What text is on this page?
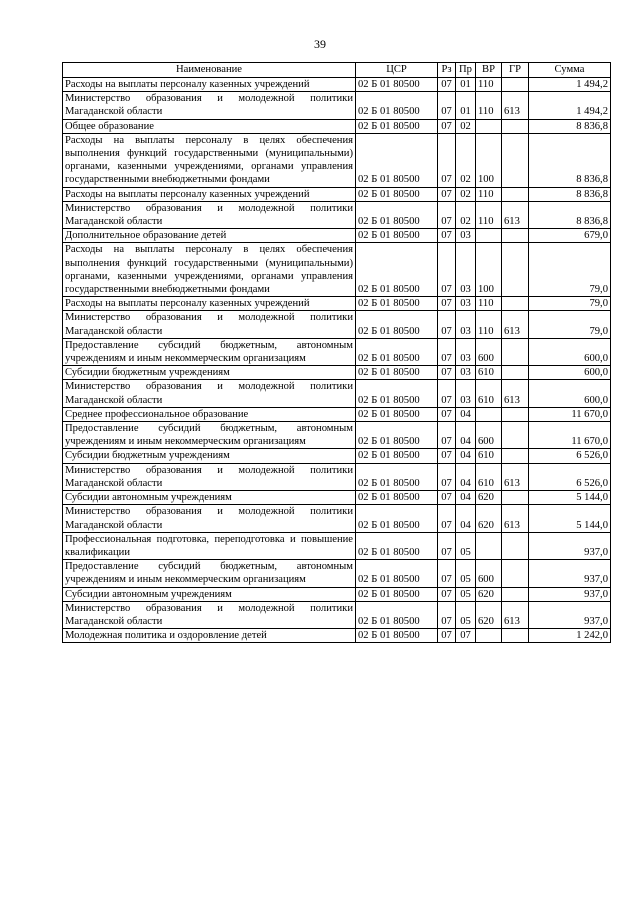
39
Наименование	ЦСР	Рз	Пр	ВР	ГР	Сумма
Расходы на выплаты персоналу казенных учреждений	02 Б 01 80500	07	01	110		1 494,2
Министерство образования и молодежной политики Магаданской области	02 Б 01 80500	07	01	110	613	1 494,2
Общее образование	02 Б 01 80500	07	02			8 836,8
Расходы на выплаты персоналу в целях обеспечения выполнения функций государственными (муниципальными) органами, казенными учреждениями, органами управления государственными внебюджетными фондами	02 Б 01 80500	07	02	100		8 836,8
Расходы на выплаты персоналу казенных учреждений	02 Б 01 80500	07	02	110		8 836,8
Министерство образования и молодежной политики Магаданской области	02 Б 01 80500	07	02	110	613	8 836,8
Дополнительное образование детей	02 Б 01 80500	07	03			679,0
Расходы на выплаты персоналу в целях обеспечения выполнения функций государственными (муниципальными) органами, казенными учреждениями, органами управления государственными внебюджетными фондами	02 Б 01 80500	07	03	100		79,0
Расходы на выплаты персоналу казенных учреждений	02 Б 01 80500	07	03	110		79,0
Министерство образования и молодежной политики Магаданской области	02 Б 01 80500	07	03	110	613	79,0
Предоставление субсидий бюджетным, автономным учреждениям и иным некоммерческим организациям	02 Б 01 80500	07	03	600		600,0
Субсидии бюджетным учреждениям	02 Б 01 80500	07	03	610		600,0
Министерство образования и молодежной политики Магаданской области	02 Б 01 80500	07	03	610	613	600,0
Среднее профессиональное образование	02 Б 01 80500	07	04			11 670,0
Предоставление субсидий бюджетным, автономным учреждениям и иным некоммерческим организациям	02 Б 01 80500	07	04	600		11 670,0
Субсидии бюджетным учреждениям	02 Б 01 80500	07	04	610		6 526,0
Министерство образования и молодежной политики Магаданской области	02 Б 01 80500	07	04	610	613	6 526,0
Субсидии автономным учреждениям	02 Б 01 80500	07	04	620		5 144,0
Министерство образования и молодежной политики Магаданской области	02 Б 01 80500	07	04	620	613	5 144,0
Профессиональная подготовка, переподготовка и повышение квалификации	02 Б 01 80500	07	05			937,0
Предоставление субсидий бюджетным, автономным учреждениям и иным некоммерческим организациям	02 Б 01 80500	07	05	600		937,0
Субсидии автономным учреждениям	02 Б 01 80500	07	05	620		937,0
Министерство образования и молодежной политики Магаданской области	02 Б 01 80500	07	05	620	613	937,0
Молодежная политика и оздоровление детей	02 Б 01 80500	07	07			1 242,0
